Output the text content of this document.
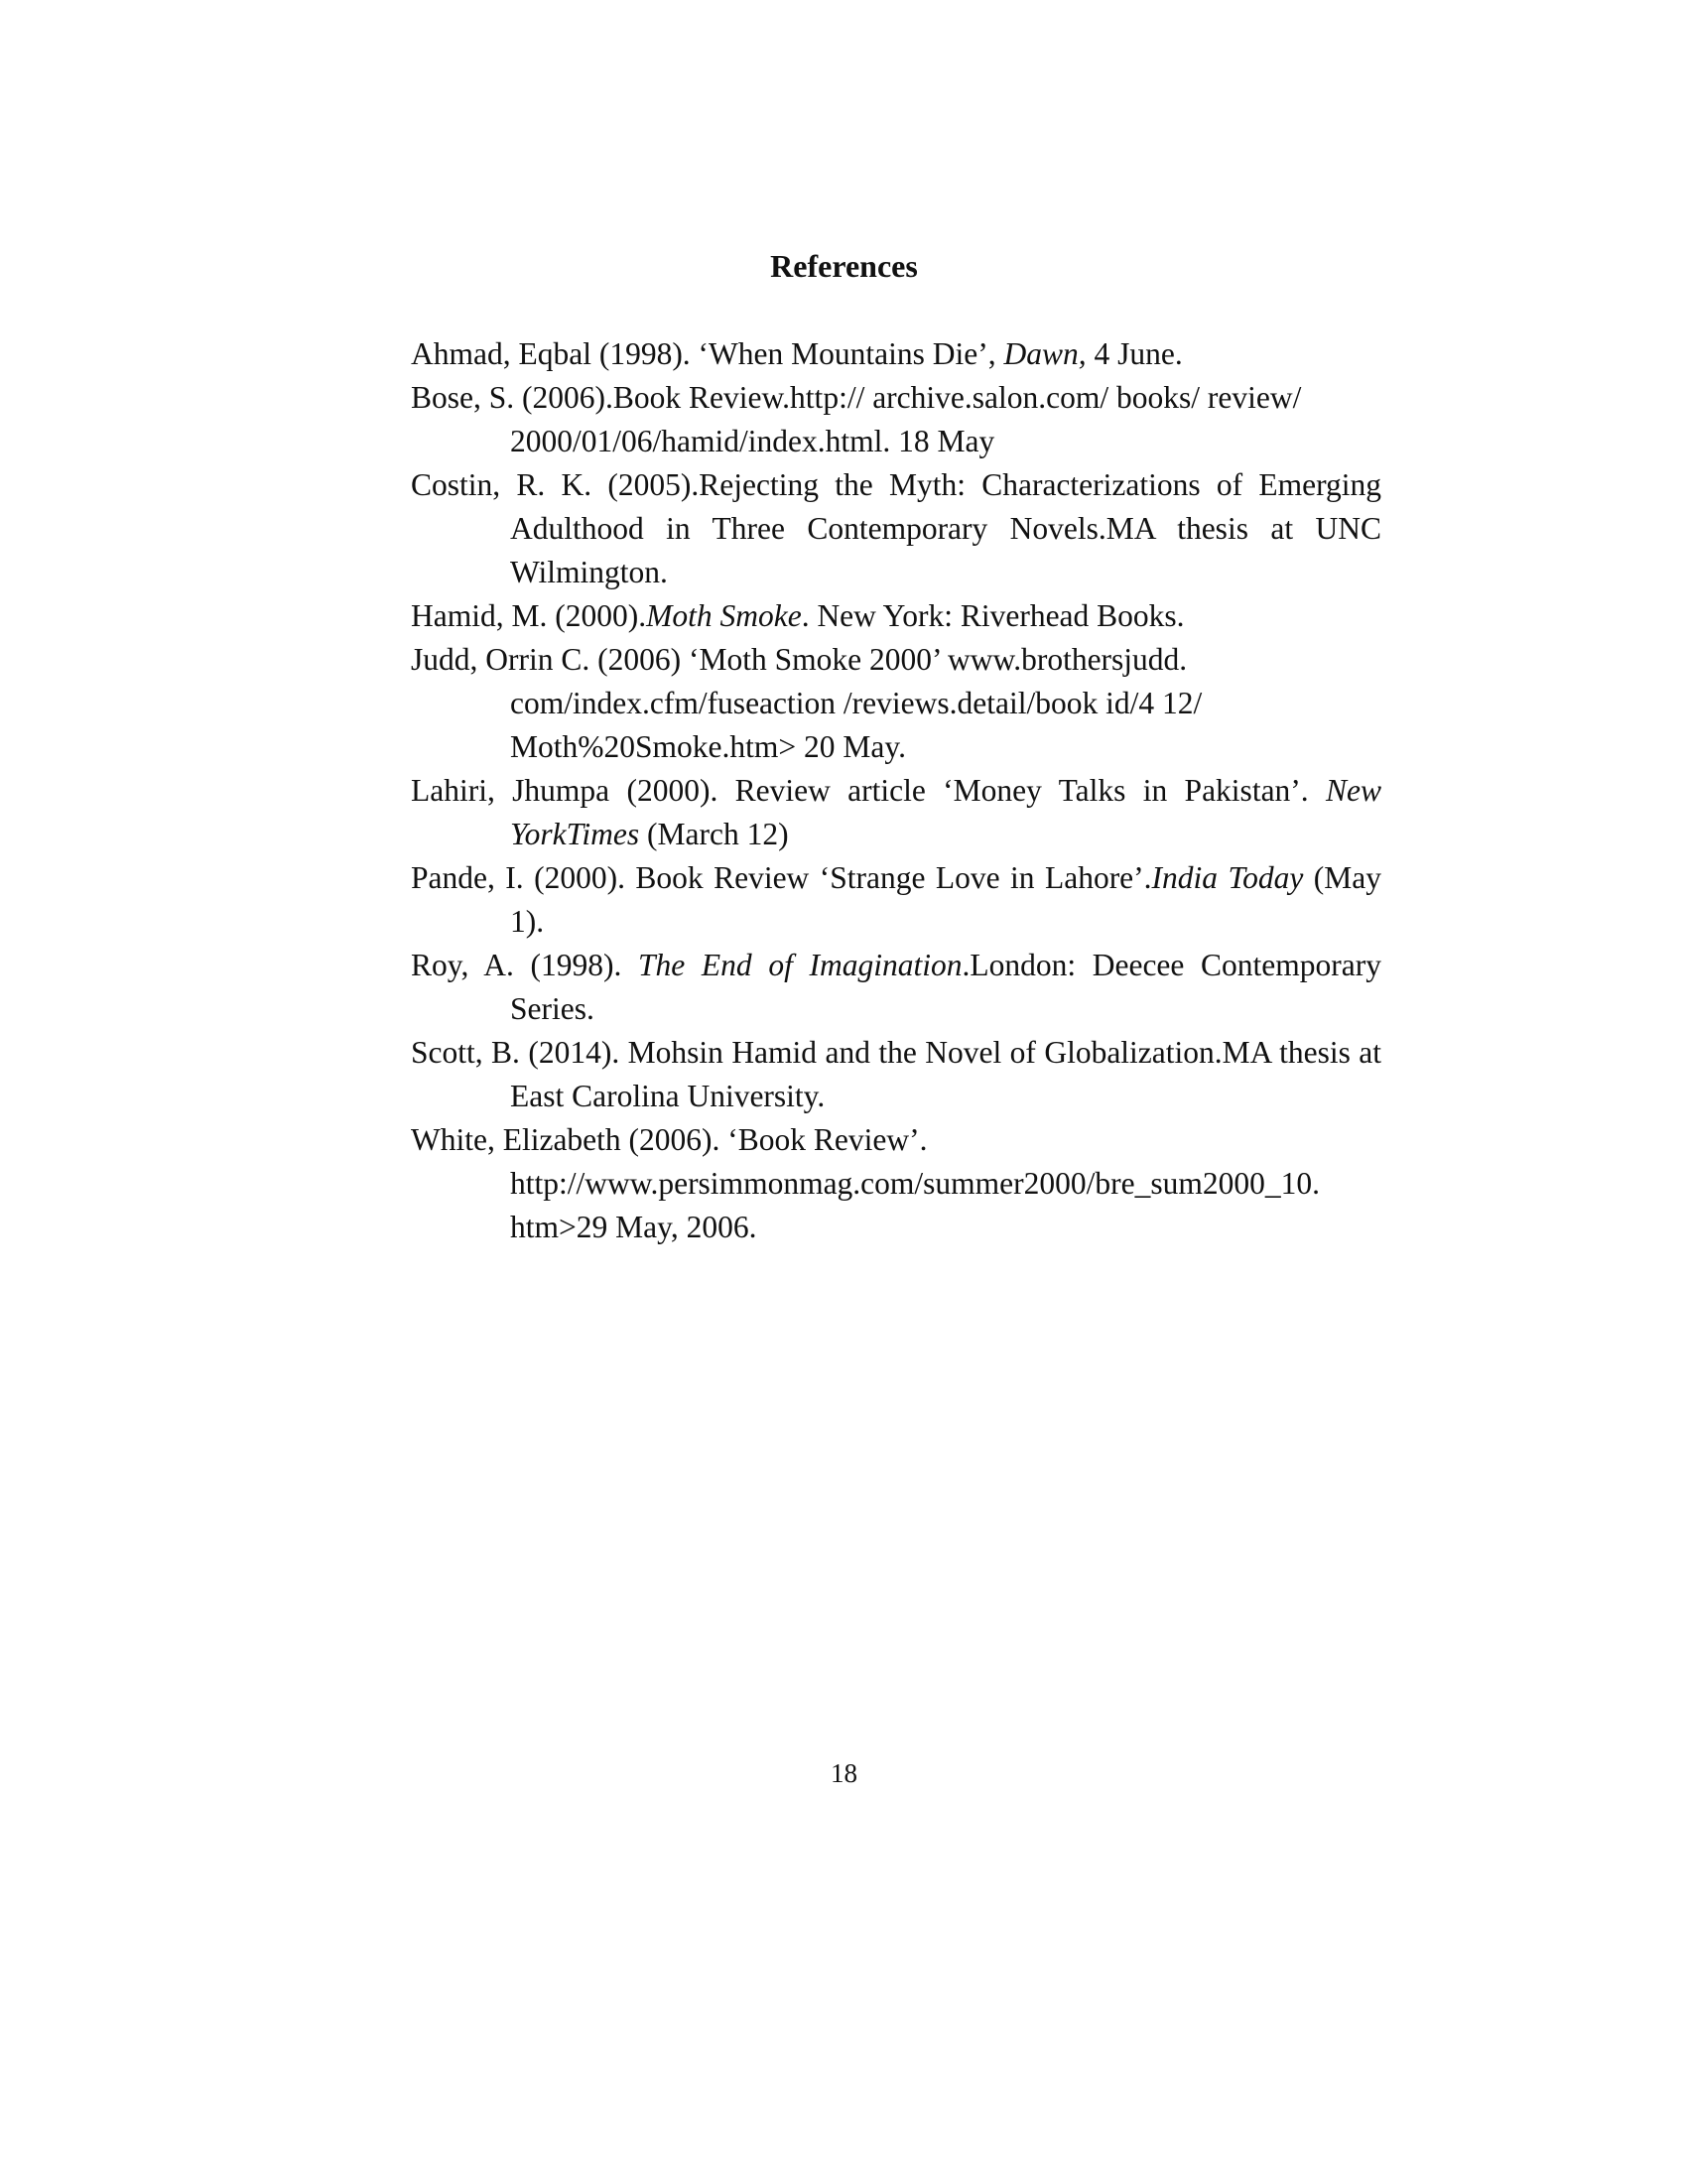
References

Ahmad, Eqbal (1998). ‘When Mountains Die’, Dawn, 4 June.

Bose, S. (2006).Book Review.http:// archive.salon.com/ books/ review/ 2000/01/06/hamid/index.html. 18 May

Costin, R. K. (2005).Rejecting the Myth: Characterizations of Emerging Adulthood in Three Contemporary Novels.MA thesis at UNC Wilmington.

Hamid, M. (2000).Moth Smoke. New York: Riverhead Books.

Judd, Orrin C. (2006) ‘Moth Smoke 2000’ www.brothersjudd.
com/index.cfm/fuseaction /reviews.detail/book id/4 12/
Moth%20Smoke.htm> 20 May.

Lahiri, Jhumpa (2000). Review article ‘Money Talks in Pakistan’. New YorkTimes (March 12)

Pande, I. (2000). Book Review ‘Strange Love in Lahore’.India Today (May 1).

Roy, A. (1998). The End of Imagination.London: Deecee Contemporary Series.

Scott, B. (2014). Mohsin Hamid and the Novel of Globalization.MA thesis at East Carolina University.

White, Elizabeth (2006). ‘Book Review’.
http://www.persimmonmag.com/summer2000/bre_sum2000_10.
htm>29 May, 2006.

18
